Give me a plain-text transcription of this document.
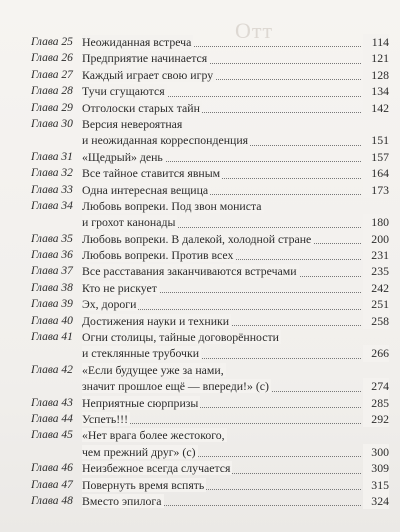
Отт
Глава 25 Неожиданная встреча	114
Глава 26 Предприятие начинается	121
Глава 27 Каждый играет свою игру	128
Глава 28 Тучи сгущаются	134
Глава 29 Отголоски старых тайн	142
Глава 30 Версия невероятная
и неожиданная корреспонденция	151
Глава 31 «Щедрый» день	157
Глава 32 Все тайное ставится явным	164
Глава 33 Одна интересная вещица	173
Глава 34 Любовь вопреки. Под звон мониста
и грохот канонады	180
Глава 35 Любовь вопреки. В далекой, холодной стране	200
Глава 36 Любовь вопреки. Против всех	231
Глава 37 Все расставания заканчиваются встречами	235
Глава 38 Кто не рискует	242
Глава 39 Эх, дороги	251
Глава 40 Достижения науки и техники	258
Глава 41 Огни столицы, тайные договорённости
и стеклянные трубочки	266
Глава 42 «Если будущее уже за нами,
значит прошлое ещё — впереди!» (с)	274
Глава 43 Неприятные сюрпризы	285
Глава 44 Успеть!!!	292
Глава 45 «Нет врага более жестокого,
чем прежний друг» (с)	300
Глава 46 Неизбежное всегда случается	309
Глава 47 Повернуть время вспять	315
Глава 48 Вместо эпилога	324
